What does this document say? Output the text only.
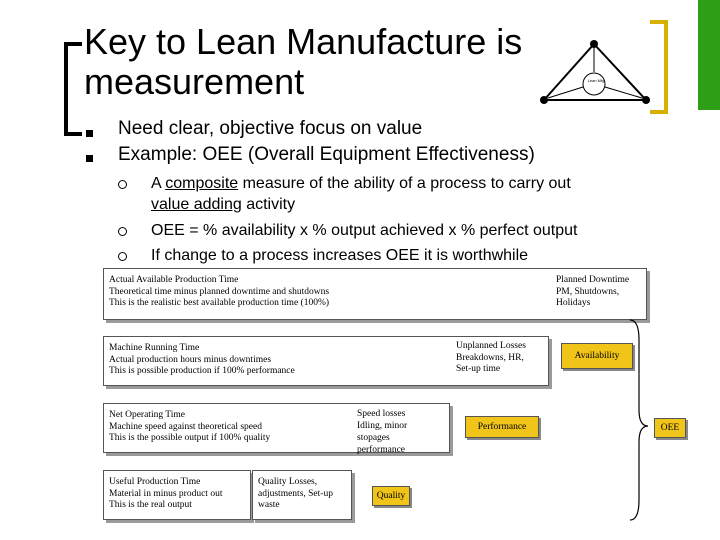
Lean Mfg
Key to Lean Manufacture is measurement
Need clear, objective focus on value
Example: OEE (Overall Equipment Effectiveness)
A composite measure of the ability of a process to carry out
value adding activity
OEE = % availability x % output achieved x % perfect output
If change to a process increases OEE it is worthwhile
Actual Available Production Time
Theoretical time minus planned downtime and shutdowns
This is the realistic best available production time (100%)
Planned Downtime
PM, Shutdowns,
Holidays
Machine Running Time
Actual production hours minus downtimes
This is possible production if 100% performance
Unplanned Losses
Breakdowns, HR,
Set-up time
Net Operating Time
Machine speed against theoretical speed
This is the possible output if 100% quality
Speed losses
Idling, minor
stopages
performance
Useful Production Time
Material in minus product out
This is the real output
Quality Losses,
adjustments, Set-up
waste
Availability
Performance
Quality
OEE
